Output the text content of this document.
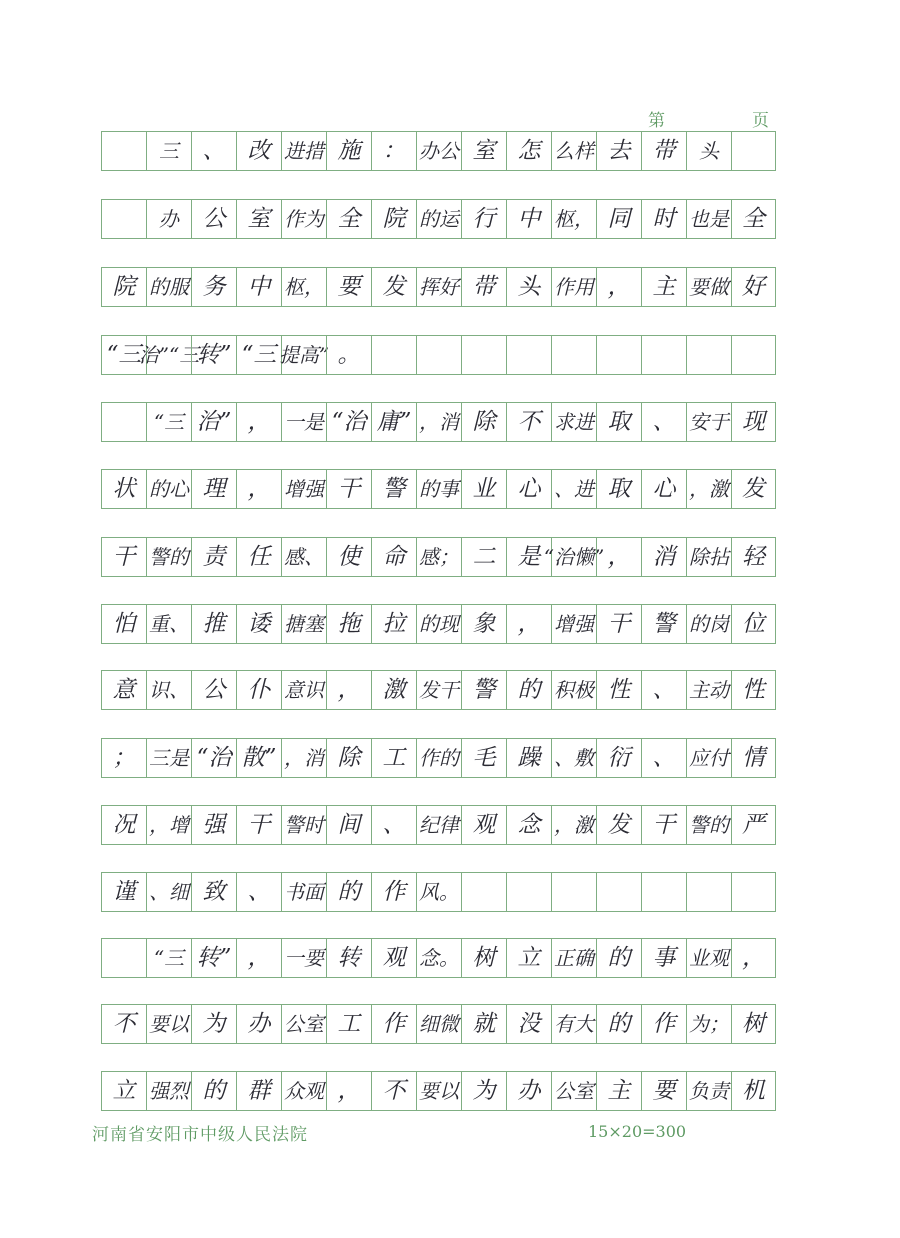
第	页
三 、 改 进 措 施 ： 办 公 室 怎 么 样 去 带 头
办 公 室 作 为 全 院 的 运 行 中 枢 ， 同 时 也 是 全
院 的 服 务 中 枢 ， 要 发 挥 好 带 头 作 用 ， 主 要 做 好
“三
治” “三
转” “三 提 高” 。
“三 治” ， 一 是 “治 庸” ， 消 除 不 求 进 取 、 安 于 现
状 的 心 理 ， 增 强 干 警 的 事 业 心 、 进 取 心 ， 激 发
干 警 的 责 任 感 、 使 命 感 ； 二 是 “治 懒” ， 消 除 拈 轻
怕 重 、 推 诿 搪 塞 拖 拉 的 现 象 ， 增 强 干 警 的 岗 位
意 识 、 公 仆 意 识 ， 激 发 干 警 的 积 极 性 、 主 动 性
； 三 是 “治 散” ， 消 除 工 作 的 毛 躁 、 敷 衍 、 应 付 情
况 ， 增 强 干 警 时 间 、 纪 律 观 念 ， 激 发 干 警 的 严
谨 、 细 致 、 书 面 的 作 风 。
“三 转” ， 一 要 转 观 念 。 树 立 正 确 的 事 业 观 ，
不 要 以 为 办 公 室 工 作 细 微 就 没 有 大 的 作 为 ； 树
立 强 烈 的 群 众 观 ， 不 要 以 为 办 公 室 主 要 负 责 机
河南省安阳市中级人民法院	15×20=300
